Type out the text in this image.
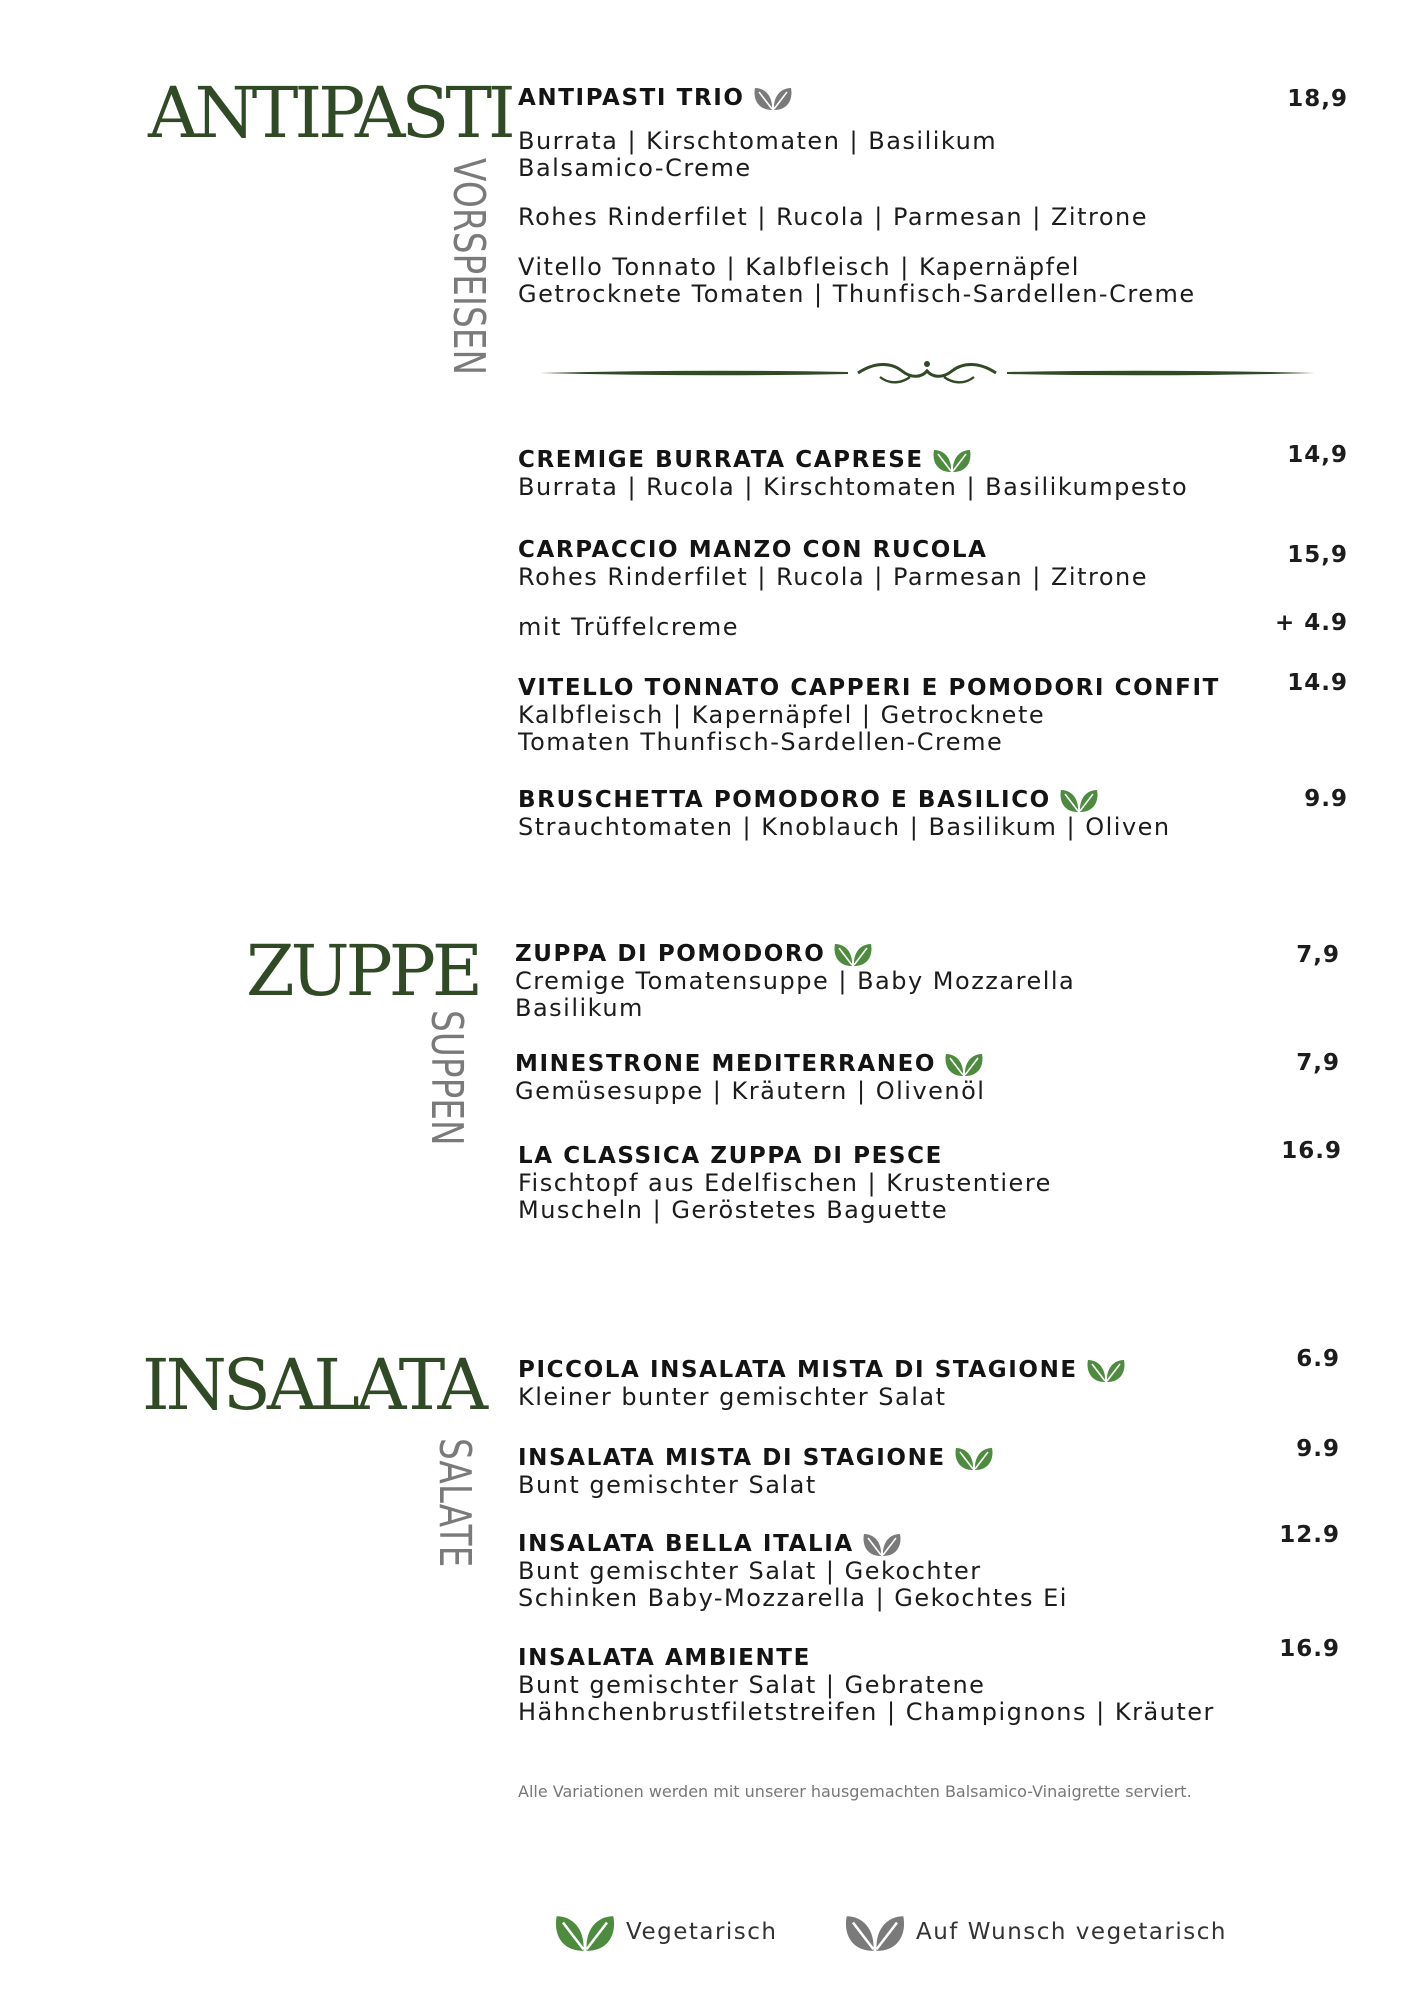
ANTIPASTI
VORSPEISEN
ANTIPASTI TRIO	18,9
Burrata | Kirschtomaten | Basilikum
Balsamico-Creme
Rohes Rinderfilet | Rucola | Parmesan | Zitrone
Vitello Tonnato | Kalbfleisch | Kapernäpfel
Getrocknete Tomaten | Thunfisch-Sardellen-Creme
CREMIGE BURRATA CAPRESE
Burrata | Rucola | Kirschtomaten | Basilikumpesto
14,9
CARPACCIO MANZO CON RUCOLA
Rohes Rinderfilet | Rucola | Parmesan | Zitrone
15,9
mit Trüffelcreme	+ 4.9
VITELLO TONNATO CAPPERI E POMODORI CONFIT
Kalbfleisch | Kapernäpfel | Getrocknete
Tomaten Thunfisch-Sardellen-Creme
14.9
BRUSCHETTA POMODORO E BASILICO
Strauchtomaten | Knoblauch | Basilikum | Oliven
9.9
ZUPPE
SUPPEN
ZUPPA DI POMODORO
Cremige Tomatensuppe | Baby Mozzarella
Basilikum
7,9
MINESTRONE MEDITERRANEO
Gemüsesuppe | Kräutern | Olivenöl
7,9
LA CLASSICA ZUPPA DI PESCE
Fischtopf aus Edelfischen | Krustentiere
Muscheln | Geröstetes Baguette
16.9
INSALATA
SALATE
PICCOLA INSALATA MISTA DI STAGIONE
Kleiner bunter gemischter Salat
6.9
INSALATA MISTA DI STAGIONE
Bunt gemischter Salat
9.9
INSALATA BELLA ITALIA
Bunt gemischter Salat | Gekochter
Schinken Baby-Mozzarella | Gekochtes Ei
12.9
INSALATA AMBIENTE
Bunt gemischter Salat | Gebratene
Hähnchenbrustfiletstreifen | Champignons | Kräuter
16.9
Alle Variationen werden mit unserer hausgemachten Balsamico-Vinaigrette serviert.
Vegetarisch	Auf Wunsch vegetarisch
